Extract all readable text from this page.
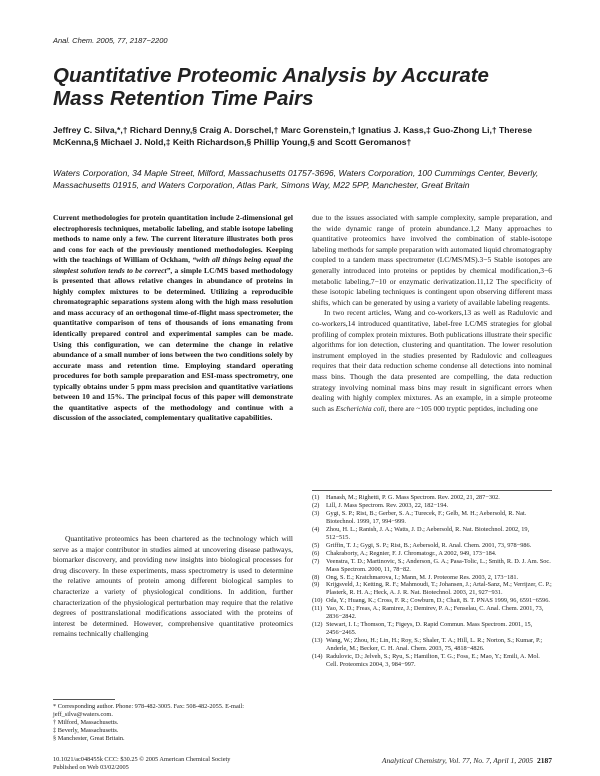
Anal. Chem. 2005, 77, 2187−2200
Quantitative Proteomic Analysis by Accurate Mass Retention Time Pairs
Jeffrey C. Silva,*,† Richard Denny,§ Craig A. Dorschel,† Marc Gorenstein,† Ignatius J. Kass,‡ Guo-Zhong Li,† Therese McKenna,§ Michael J. Nold,‡ Keith Richardson,§ Phillip Young,§ and Scott Geromanos†
Waters Corporation, 34 Maple Street, Milford, Massachusetts 01757-3696, Waters Corporation, 100 Cummings Center, Beverly, Massachusetts 01915, and Waters Corporation, Atlas Park, Simons Way, M22 5PP, Manchester, Great Britain
Current methodologies for protein quantitation include 2-dimensional gel electrophoresis techniques, metabolic labeling, and stable isotope labeling methods to name only a few. The current literature illustrates both pros and cons for each of the previously mentioned methodologies. Keeping with the teachings of William of Ockham, “with all things being equal the simplest solution tends to be correct”, a simple LC/MS based methodology is presented that allows relative changes in abundance of proteins in highly complex mixtures to be determined. Utilizing a reproducible chromatographic separations system along with the high mass resolution and mass accuracy of an orthogonal time-of-flight mass spectrometer, the quantitative comparison of tens of thousands of ions emanating from identically prepared control and experimental samples can be made. Using this configuration, we can determine the change in relative abundance of a small number of ions between the two conditions solely by accurate mass and retention time. Employing standard operating procedures for both sample preparation and ESI-mass spectrometry, one typically obtains under 5 ppm mass precision and quantitative variations between 10 and 15%. The principal focus of this paper will demonstrate the quantitative aspects of the methodology and continue with a discussion of the associated, complementary qualitative capabilities.

Quantitative proteomics has been chartered as the technology which will serve as a major contributor in studies aimed at uncovering disease pathways, biomarker discovery, and providing new insights into biological processes for drug discovery. In these experiments, mass spectrometry is used to determine the relative amounts of protein among different biological samples to characterize a variety of physiological conditions. In addition, further characterization of the physiological perturbation may require that the relative degrees of posttranslational modifications associated with the proteins of interest be determined. However, comprehensive quantitative proteomics remains technically challenging

* Corresponding author. Phone: 978-482-3005. Fax: 508-482-2055. E-mail: jeff_silva@waters.com.
† Milford, Massachusetts.
‡ Beverly, Massachusetts.
§ Manchester, Great Britain.

due to the issues associated with sample complexity, sample preparation, and the wide dynamic range of protein abundance.1,2 Many approaches to quantitative proteomics have involved the combination of stable-isotope labeling methods for sample preparation with automated liquid chromatography coupled to a tandem mass spectrometer (LC/MS/MS).3−5 Stable isotopes are generally introduced into proteins or peptides by chemical modification,3−6 metabolic labeling,7−10 or enzymatic derivatization.11,12 The specificity of these isotopic labeling techniques is contingent upon observing different mass shifts, which can be generated by using a variety of available labeling reagents.

In two recent articles, Wang and co-workers,13 as well as Radulovic and co-workers,14 introduced quantitative, label-free LC/MS strategies for global profiling of complex protein mixtures. Both publications illustrate their specific algorithms for ion detection, clustering and quantitation. The lower resolution instrument employed in the studies presented by Radulovic and colleagues requires that their data reduction scheme condense all detections into nominal mass bins. Though the data presented are compelling, the data reduction strategy involving nominal mass bins may result in significant errors when dealing with highly complex mixtures. As an example, in a simple proteome such as Escherichia coli, there are ~105 000 tryptic peptides, including one

(1) Hanash, M.; Righetti, P. G. Mass Spectrom. Rev. 2002, 21, 287−302.
(2) Lill, J. Mass Spectrom. Rev. 2003, 22, 182−194.
(3) Gygi, S. P.; Rist, B.; Gerber, S. A.; Turecek, F.; Gelb, M. H.; Aebersold, R. Nat. Biotechnol. 1999, 17, 994−999.
(4) Zhou, H. L.; Ranish, J. A.; Watts, J. D.; Aebersold, R. Nat. Biotechnol. 2002, 19, 512−515.
(5) Griffin, T. J.; Gygi, S. P.; Rist, B.; Aebersold, R. Anal. Chem. 2001, 73, 978−986.
(6) Chakraborty, A.; Regnier, F. J. Chromatogr., A 2002, 949, 173−184.
(7) Veenstra, T. D.; Martinovic, S.; Anderson, G. A.; Pasa-Tolic, L.; Smith, R. D. J. Am. Soc. Mass Spectrom. 2000, 11, 78−82.
(8) Ong, S. E.; Kratchmarova, I.; Mann, M. J. Proteome Res. 2003, 2, 173−181.
(9) Krijgsveld, J.; Ketting, R. F.; Mahmoudi, T.; Johansen, J.; Artal-Sanz, M.; Verrijzer, C. P.; Plasterk, R. H. A.; Heck, A. J. R. Nat. Biotechnol. 2003, 21, 927−931.
(10) Oda, Y.; Huang, K.; Cross, F. R.; Cowburn, D.; Chait, B. T. PNAS 1999, 96, 6591−6596.
(11) Yao, X. D.; Freas, A.; Ramirez, J.; Demirev, P. A.; Fenselau, C. Anal. Chem. 2001, 73, 2836−2842.
(12) Stewart, I. I.; Thomson, T.; Figeys, D. Rapid Commun. Mass Spectrom. 2001, 15, 2456−2465.
(13) Wang, W.; Zhou, H.; Lin, H.; Roy, S.; Shaler, T. A.; Hill, L. R.; Norton, S.; Kumar, P.; Anderle, M.; Becker, C. H. Anal. Chem. 2003, 75, 4818−4826.
(14) Radulovic, D.; Jelveh, S.; Ryu, S.; Hamilton, T. G.; Foss, E.; Mao, Y.; Emili, A. Mol. Cell. Proteomics 2004, 3, 984−997.
10.1021/ac048455k CCC: $30.25 © 2005 American Chemical Society
Published on Web 03/02/2005
Analytical Chemistry, Vol. 77, No. 7, April 1, 2005 2187
